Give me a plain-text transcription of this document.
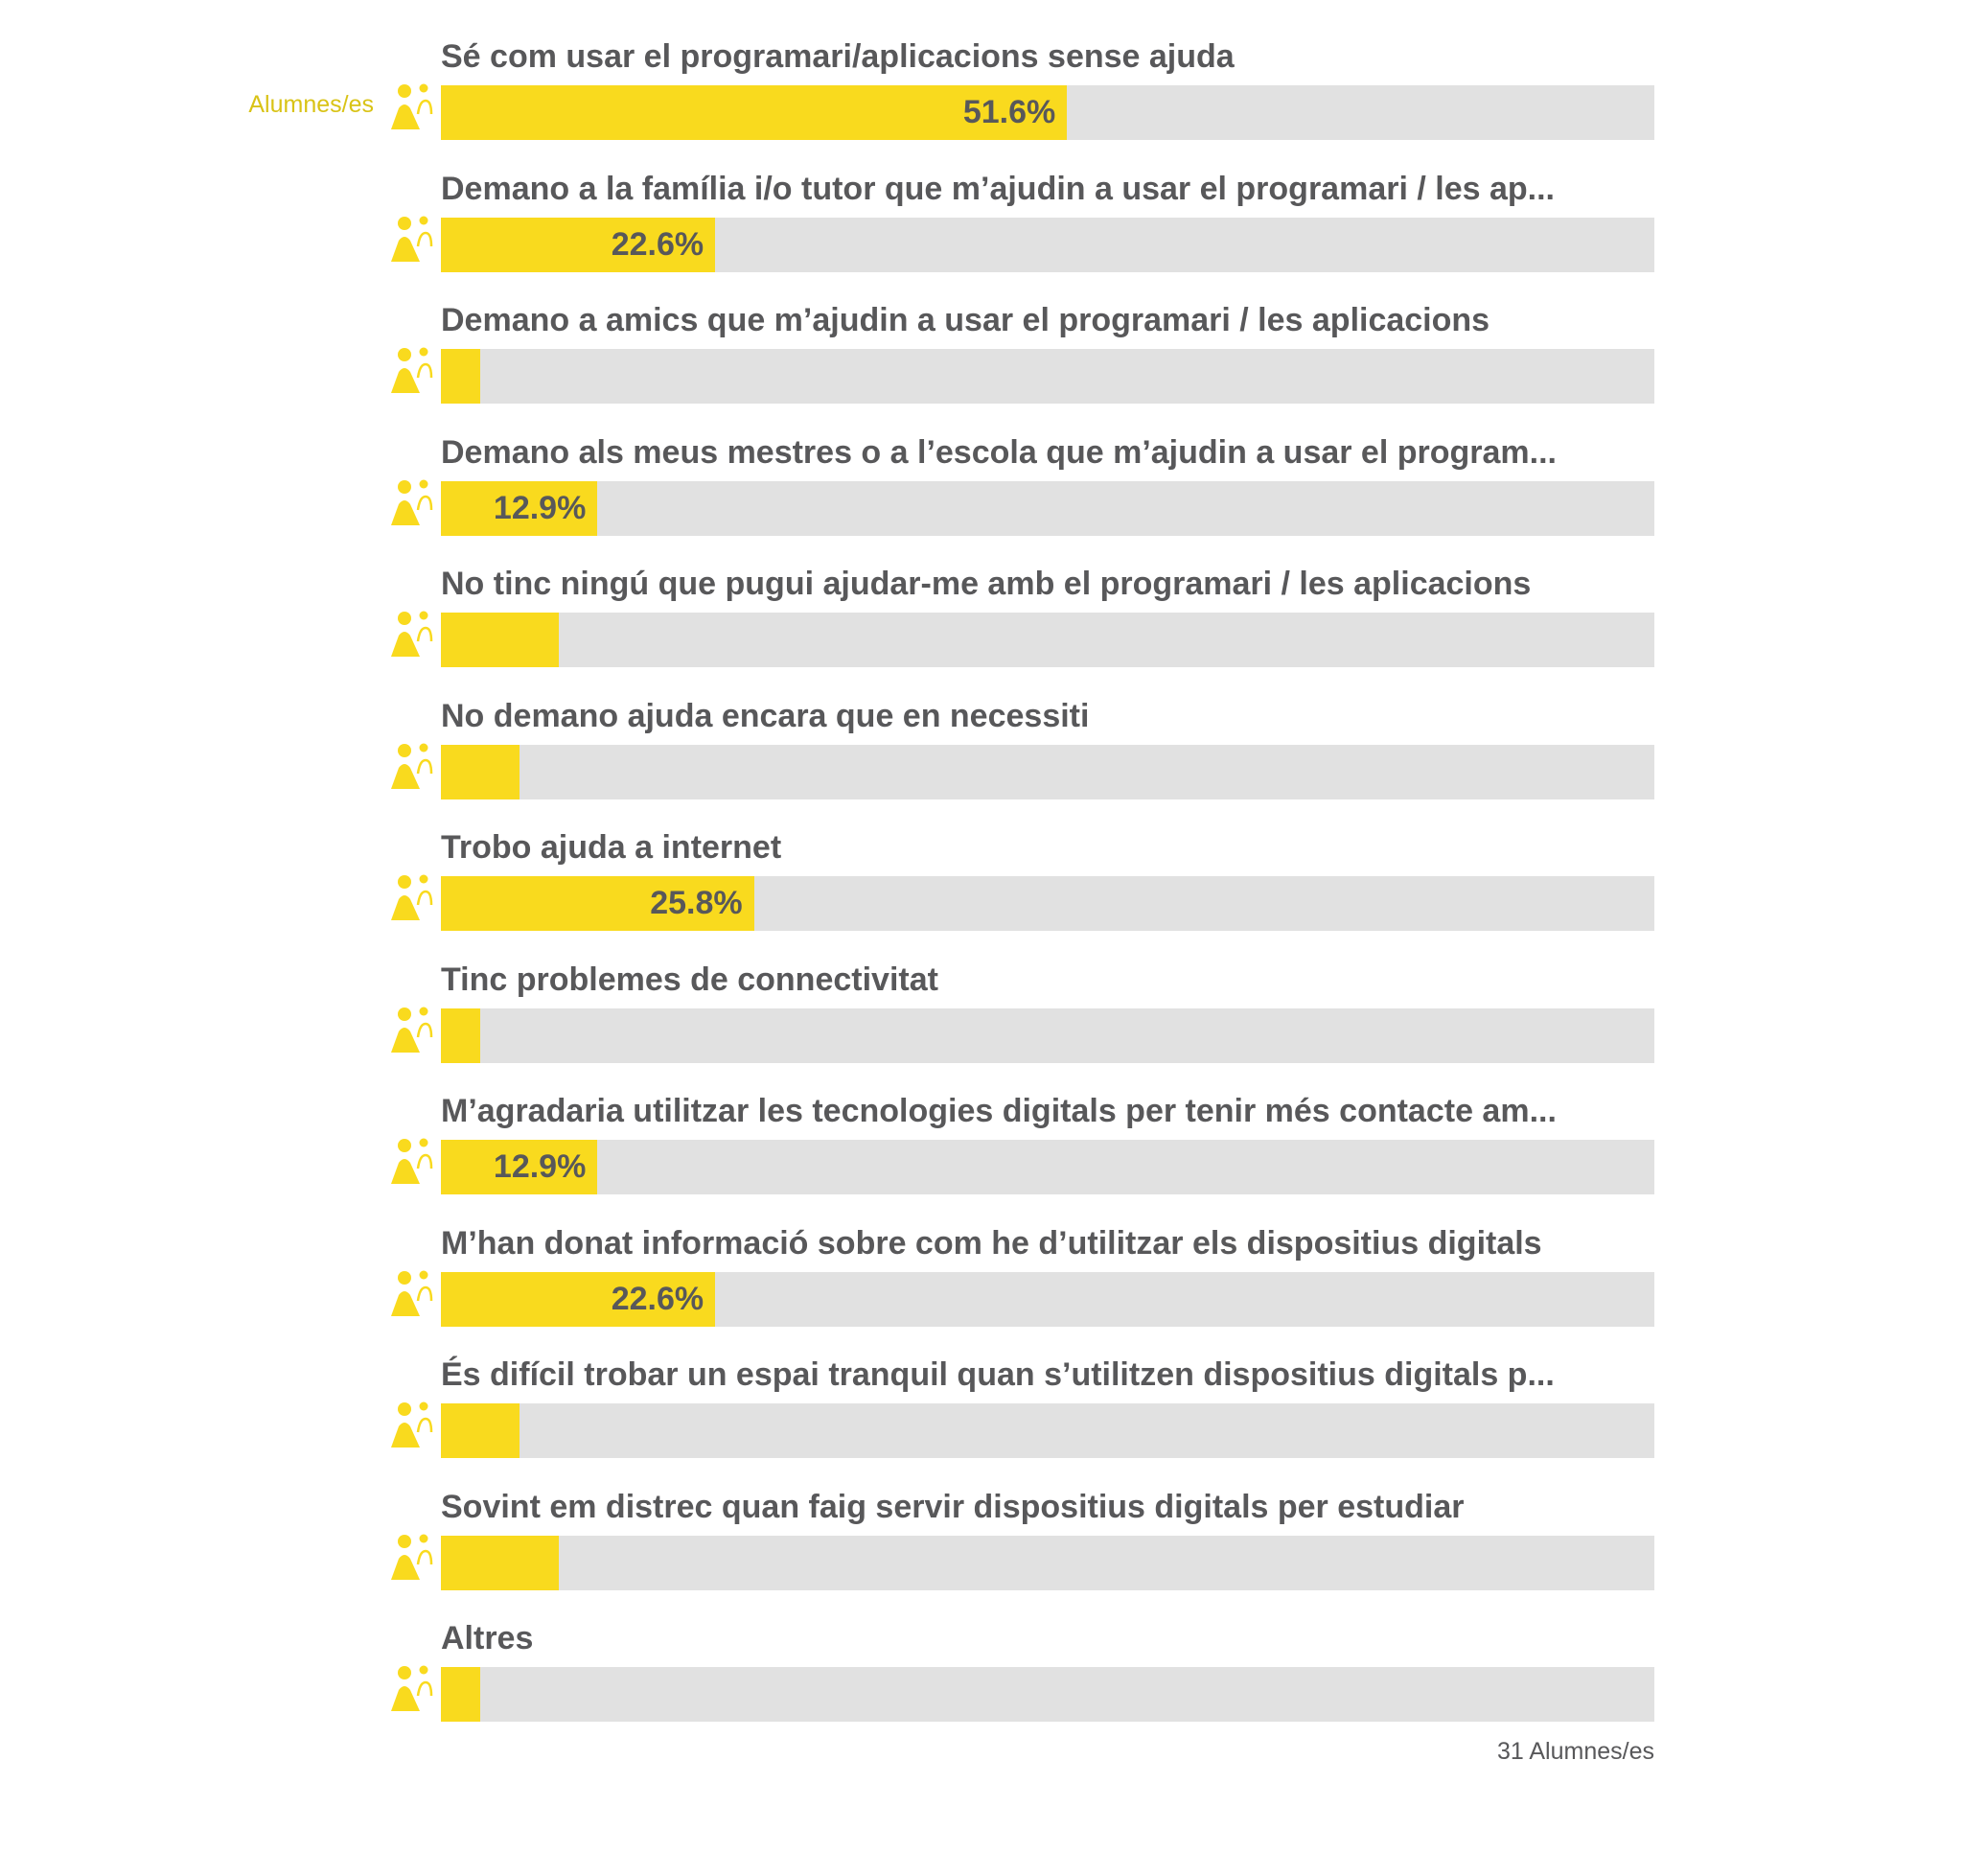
Sé com usar el programari/aplicacions sense ajuda
Alumnes/es	51.6%
Demano a la família i/o tutor que m’ajudin a usar el programari / les ap...
22.6%
Demano a amics que m’ajudin a usar el programari / les aplicacions
Demano als meus mestres o a l’escola que m’ajudin a usar el program...
12.9%
No tinc ningú que pugui ajudar-me amb el programari / les aplicacions
No demano ajuda encara que en necessiti
Trobo ajuda a internet
25.8%
Tinc problemes de connectivitat
M’agradaria utilitzar les tecnologies digitals per tenir més contacte am...
12.9%
M’han donat informació sobre com he d’utilitzar els dispositius digitals
22.6%
És difícil trobar un espai tranquil quan s’utilitzen dispositius digitals p...
Sovint em distrec quan faig servir dispositius digitals per estudiar
Altres
31 Alumnes/es
